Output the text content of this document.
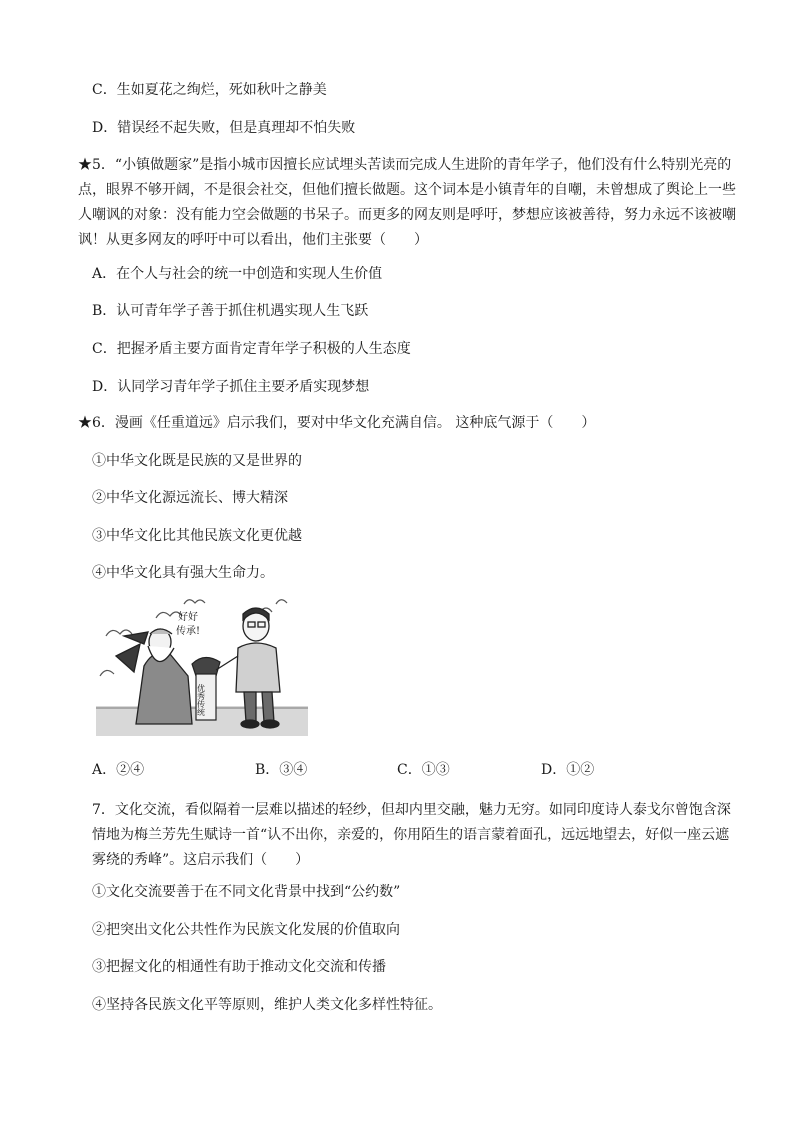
C．生如夏花之绚烂，死如秋叶之静美
D．错误经不起失败，但是真理却不怕失败
★5．“小镇做题家”是指小城市因擅长应试埋头苦读而完成人生进阶的青年学子，他们没有什么特别光亮的点，眼界不够开阔，不是很会社交，但他们擅长做题。这个词本是小镇青年的自嘲，未曾想成了舆论上一些人嘲讽的对象：没有能力空会做题的书呆子。而更多的网友则是呼吁，梦想应该被善待，努力永远不该被嘲讽！从更多网友的呼吁中可以看出，他们主张要（　　）
A．在个人与社会的统一中创造和实现人生价值
B．认可青年学子善于抓住机遇实现人生飞跃
C．把握矛盾主要方面肯定青年学子积极的人生态度
D．认同学习青年学子抓住主要矛盾实现梦想
★6．漫画《任重道远》启示我们，要对中华文化充满自信。 这种底气源于（　　）
①中华文化既是民族的又是世界的
②中华文化源远流长、博大精深
③中华文化比其他民族文化更优越
④中华文化具有强大生命力。
好好
传承!
优秀传统
A．②④	B．③④	C．①③	D．①②
7．文化交流，看似隔着一层难以描述的轻纱，但却内里交融，魅力无穷。如同印度诗人泰戈尔曾饱含深情地为梅兰芳先生赋诗一首“认不出你，亲爱的，你用陌生的语言蒙着面孔，远远地望去，好似一座云遮雾绕的秀峰”。这启示我们（　　）
①文化交流要善于在不同文化背景中找到“公约数”
②把突出文化公共性作为民族文化发展的价值取向
③把握文化的相通性有助于推动文化交流和传播
④坚持各民族文化平等原则，维护人类文化多样性特征。
